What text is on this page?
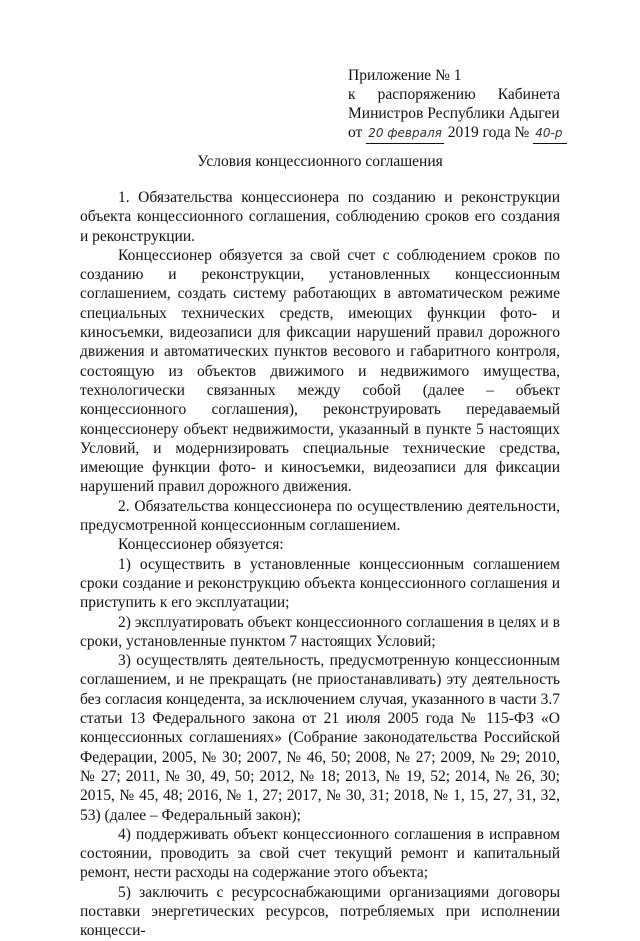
Приложение № 1
к распоряжению Кабинета
Министров Республики Адыгеи
от 20 февраля 2019 года № 40-р
Условия концессионного соглашения

1. Обязательства концессионера по созданию и реконструкции объекта концессионного соглашения, соблюдению сроков его создания и реконструкции.

Концессионер обязуется за свой счет с соблюдением сроков по созданию и реконструкции, установленных концессионным соглашением, создать систему работающих в автоматическом режиме специальных технических средств, имеющих функции фото- и киносъемки, видеозаписи для фиксации нарушений правил дорожного движения и автоматических пунктов весового и габаритного контроля, состоящую из объектов движимого и недвижимого имущества, технологически связанных между собой (далее – объект концессионного соглашения), реконструировать передаваемый концессионеру объект недвижимости, указанный в пункте 5 настоящих Условий, и модернизировать специальные технические средства, имеющие функции фото- и киносъемки, видеозаписи для фиксации нарушений правил дорожного движения.

2. Обязательства концессионера по осуществлению деятельности, предусмотренной концессионным соглашением.

Концессионер обязуется:

1) осуществить в установленные концессионным соглашением сроки создание и реконструкцию объекта концессионного соглашения и приступить к его эксплуатации;

2) эксплуатировать объект концессионного соглашения в целях и в сроки, установленные пунктом 7 настоящих Условий;

3) осуществлять деятельность, предусмотренную концессионным соглашением, и не прекращать (не приостанавливать) эту деятельность без согласия концедента, за исключением случая, указанного в части 3.7 статьи 13 Федерального закона от 21 июля 2005 года № 115-ФЗ «О концессионных соглашениях» (Собрание законодательства Российской Федерации, 2005, № 30; 2007, № 46, 50; 2008, № 27; 2009, № 29; 2010, № 27; 2011, № 30, 49, 50; 2012, № 18; 2013, № 19, 52; 2014, № 26, 30; 2015, № 45, 48; 2016, № 1, 27; 2017, № 30, 31; 2018, № 1, 15, 27, 31, 32, 53) (далее – Федеральный закон);

4) поддерживать объект концессионного соглашения в исправном состоянии, проводить за свой счет текущий ремонт и капитальный ремонт, нести расходы на содержание этого объекта;

5) заключить с ресурсоснабжающими организациями договоры поставки энергетических ресурсов, потребляемых при исполнении концесси-
